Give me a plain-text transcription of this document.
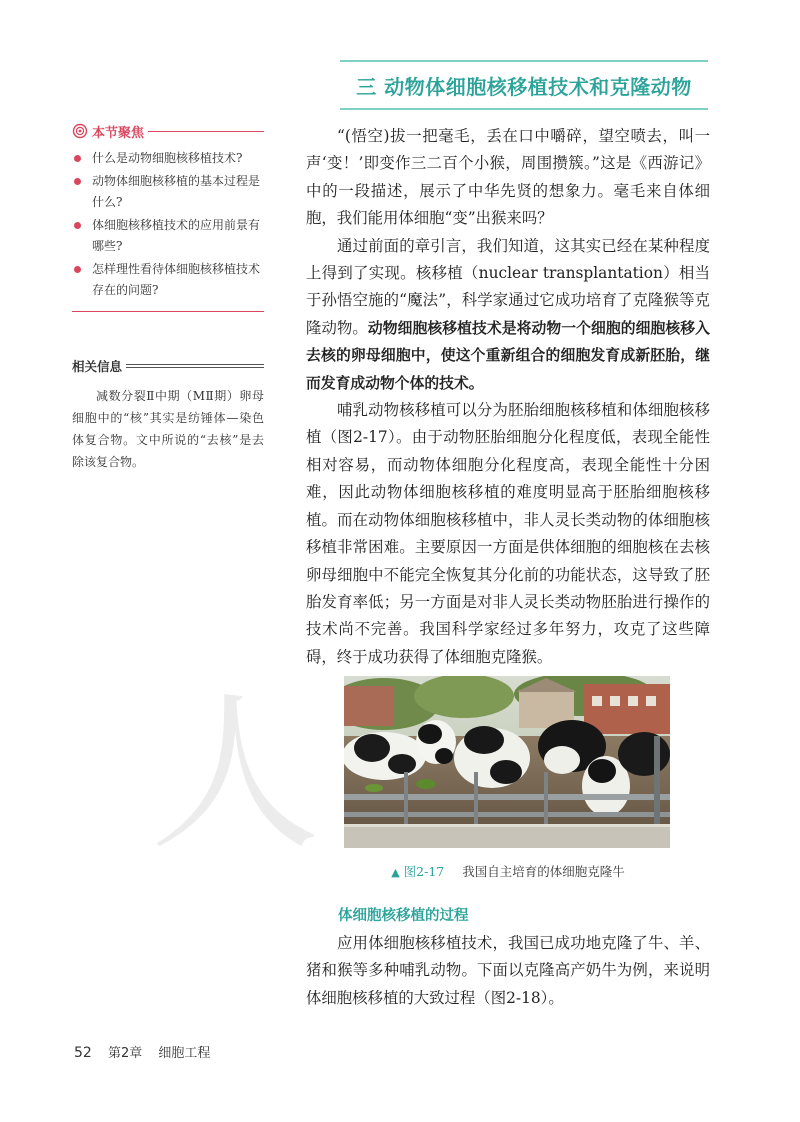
人
三 动物体细胞核移植技术和克隆动物
本节聚焦
什么是动物细胞核移植技术?
动物体细胞核移植的基本过程是什么?
体细胞核移植技术的应用前景有哪些?
怎样理性看待体细胞核移植技术存在的问题?
相关信息
减数分裂Ⅱ中期（MⅡ期）卵母细胞中的“核”其实是纺锤体—染色体复合物。文中所说的“去核”是去除该复合物。

“(悟空)拔一把毫毛，丢在口中嚼碎，望空喷去，叫一声‘变！’即变作三二百个小猴，周围攒簇。”这是《西游记》中的一段描述，展示了中华先贤的想象力。毫毛来自体细胞，我们能用体细胞“变”出猴来吗？

通过前面的章引言，我们知道，这其实已经在某种程度上得到了实现。核移植（nuclear transplantation）相当于孙悟空施的“魔法”，科学家通过它成功培育了克隆猴等克隆动物。动物细胞核移植技术是将动物一个细胞的细胞核移入去核的卵母细胞中，使这个重新组合的细胞发育成新胚胎，继而发育成动物个体的技术。

哺乳动物核移植可以分为胚胎细胞核移植和体细胞核移植（图2-17）。由于动物胚胎细胞分化程度低，表现全能性相对容易，而动物体细胞分化程度高，表现全能性十分困难，因此动物体细胞核移植的难度明显高于胚胎细胞核移植。而在动物体细胞核移植中，非人灵长类动物的体细胞核移植非常困难。主要原因一方面是供体细胞的细胞核在去核卵母细胞中不能完全恢复其分化前的功能状态，这导致了胚胎发育率低；另一方面是对非人灵长类动物胚胎进行操作的技术尚不完善。我国科学家经过多年努力，攻克了这些障碍，终于成功获得了体细胞克隆猴。

▲ 图2-17 我国自主培育的体细胞克隆牛
体细胞核移植的过程

应用体细胞核移植技术，我国已成功地克隆了牛、羊、猪和猴等多种哺乳动物。下面以克隆高产奶牛为例，来说明体细胞核移植的大致过程（图2-18）。

52 第2章 细胞工程
